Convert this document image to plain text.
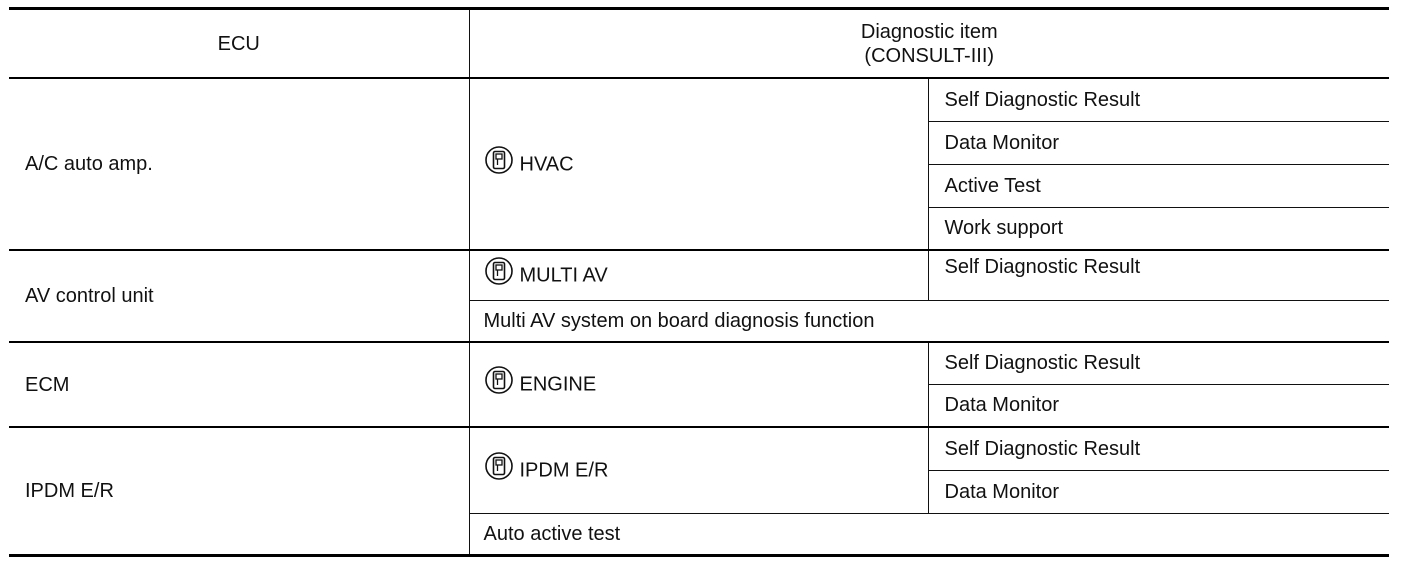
ECU	Diagnostic item
(CONSULT-III)	

A/C auto amp.	HVAC	Self Diagnostic Result
		Data Monitor
		Active Test
		Work support
AV control unit	MULTI AV	Self Diagnostic Result
	Multi AV system on board diagnosis function	
ECM	ENGINE	Self Diagnostic Result
		Data Monitor
IPDM E/R	IPDM E/R	Self Diagnostic Result
		Data Monitor
	Auto active test	
